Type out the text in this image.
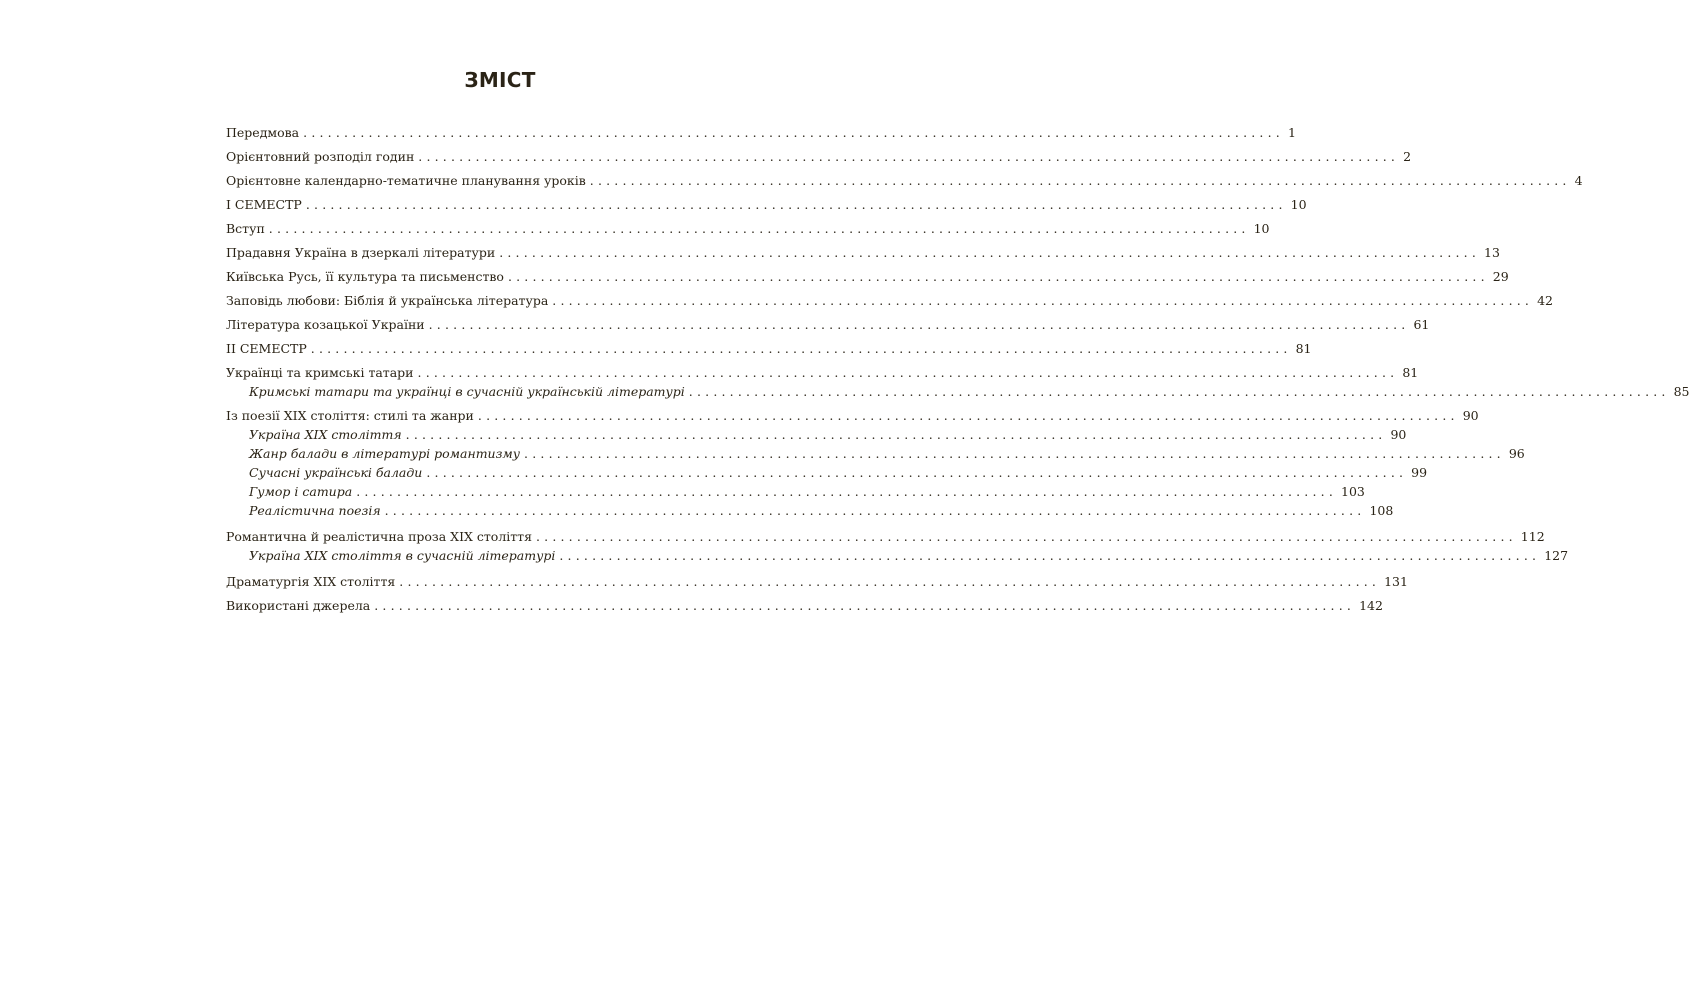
ЗМІСТ
Передмова ........................................................................................................................ 1
Орієнтовний розподіл годин ........................................................................................................................ 2
Орієнтовне календарно-тематичне планування уроків ........................................................................................................................ 4
І СЕМЕСТР ........................................................................................................................ 10
Вступ ........................................................................................................................ 10
Прадавня Україна в дзеркалі літератури ........................................................................................................................ 13
Київська Русь, її культура та письменство ........................................................................................................................ 29
Заповідь любови: Біблія й українська література ........................................................................................................................ 42
Література козацької України ........................................................................................................................ 61
ІІ СЕМЕСТР ........................................................................................................................ 81
Українці та кримські татари ........................................................................................................................ 81
Кримські татари та українці в сучасній українській літературі ........................................................................................................................ 85
Із поезії XIX століття: стилі та жанри ........................................................................................................................ 90
Україна XIX століття ........................................................................................................................ 90
Жанр балади в літературі романтизму ........................................................................................................................ 96
Сучасні українські балади ........................................................................................................................ 99
Гумор і сатира ........................................................................................................................ 103
Реалістична поезія ........................................................................................................................ 108
Романтична й реалістична проза XIX століття ........................................................................................................................ 112
Україна XIX століття в сучасній літературі ........................................................................................................................ 127
Драматургія XIX століття ........................................................................................................................ 131
Використані джерела ........................................................................................................................ 142
